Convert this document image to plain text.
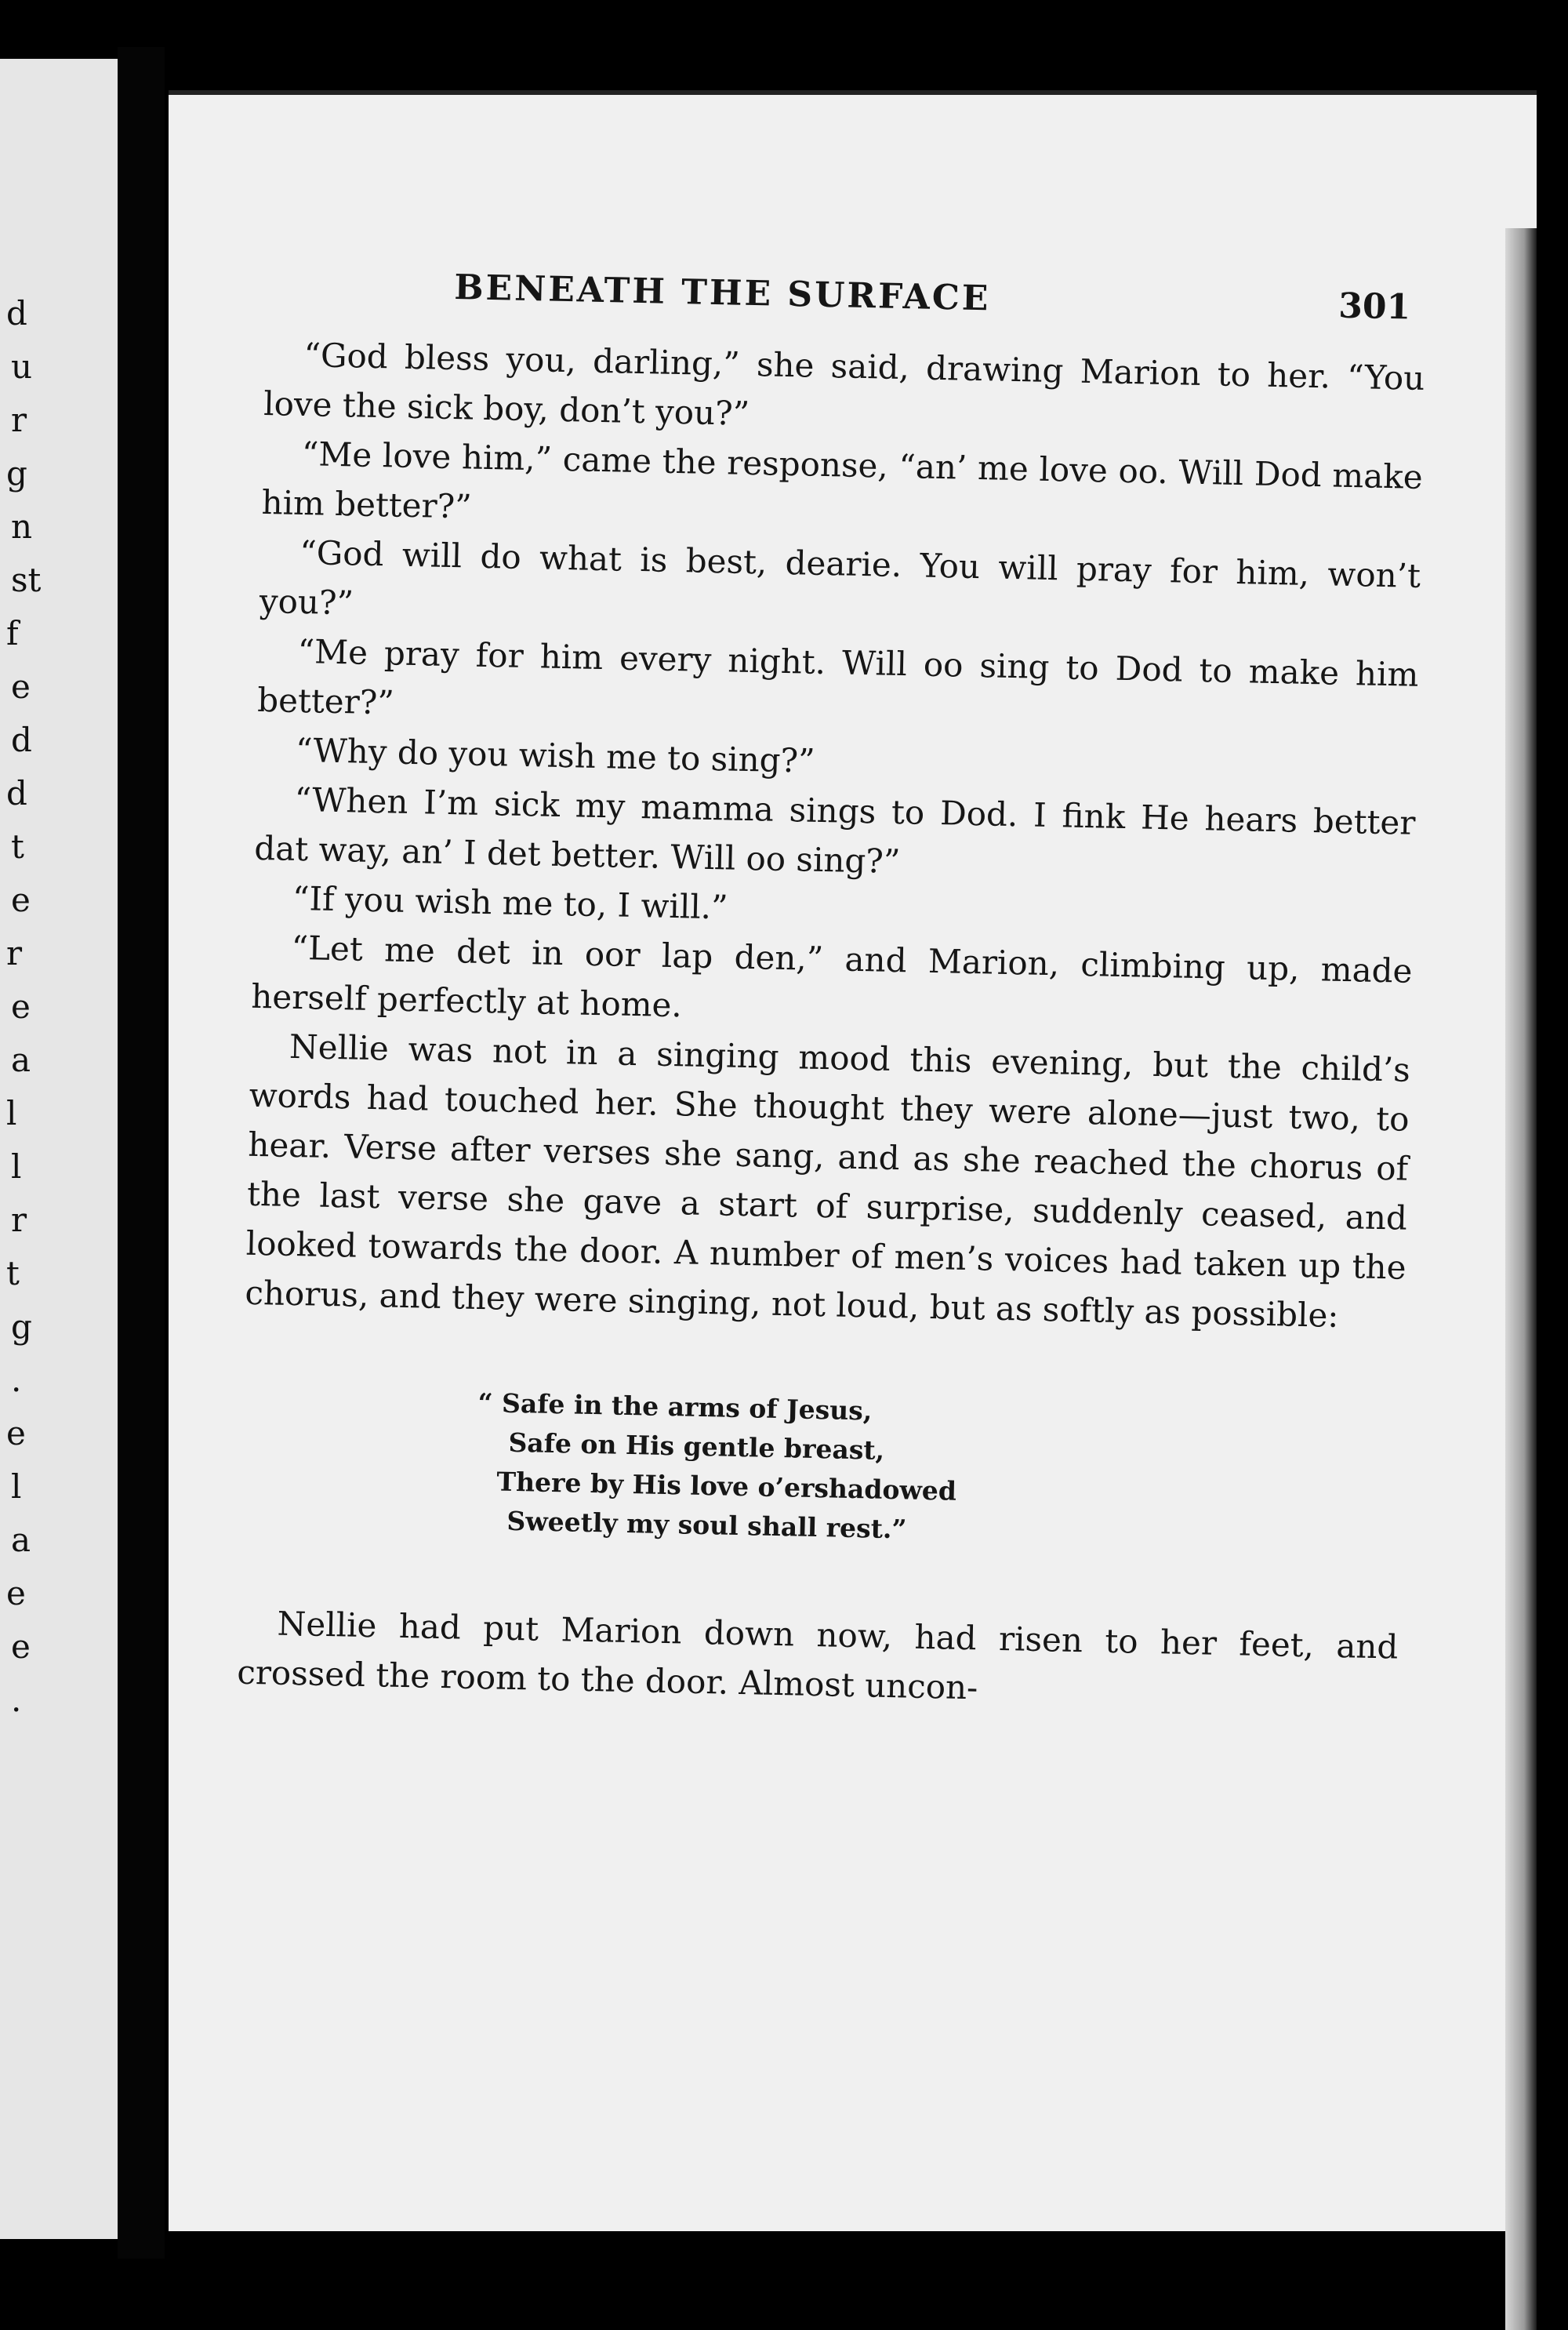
d
u
r
g
n
st
f
e
d
d
t
e
r
e
a
l
l
r
t
g
.
e
l
a
e
e
.
BENEATH THE SURFACE	301

“God bless you, darling,” she said, drawing Marion to her. “You love the sick boy, don’t you?”

“Me love him,” came the response, “an’ me love oo. Will Dod make him better?”

“God will do what is best, dearie. You will pray for him, won’t you?”

“Me pray for him every night. Will oo sing to Dod to make him better?”

“Why do you wish me to sing?”

“When I’m sick my mamma sings to Dod. I fink He hears better dat way, an’ I det better. Will oo sing?”

“If you wish me to, I will.”

“Let me det in oor lap den,” and Marion, climbing up, made herself perfectly at home.

Nellie was not in a singing mood this evening, but the child’s words had touched her. She thought they were alone—just two, to hear. Verse after verses she sang, and as she reached the chorus of the last verse she gave a start of surprise, suddenly ceased, and looked towards the door. A number of men’s voices had taken up the chorus, and they were singing, not loud, but as softly as possible:

“ Safe in the arms of Jesus,
Safe on His gentle breast,
There by His love o’ershadowed
Sweetly my soul shall rest.”

Nellie had put Marion down now, had risen to her feet, and crossed the room to the door. Almost uncon-
